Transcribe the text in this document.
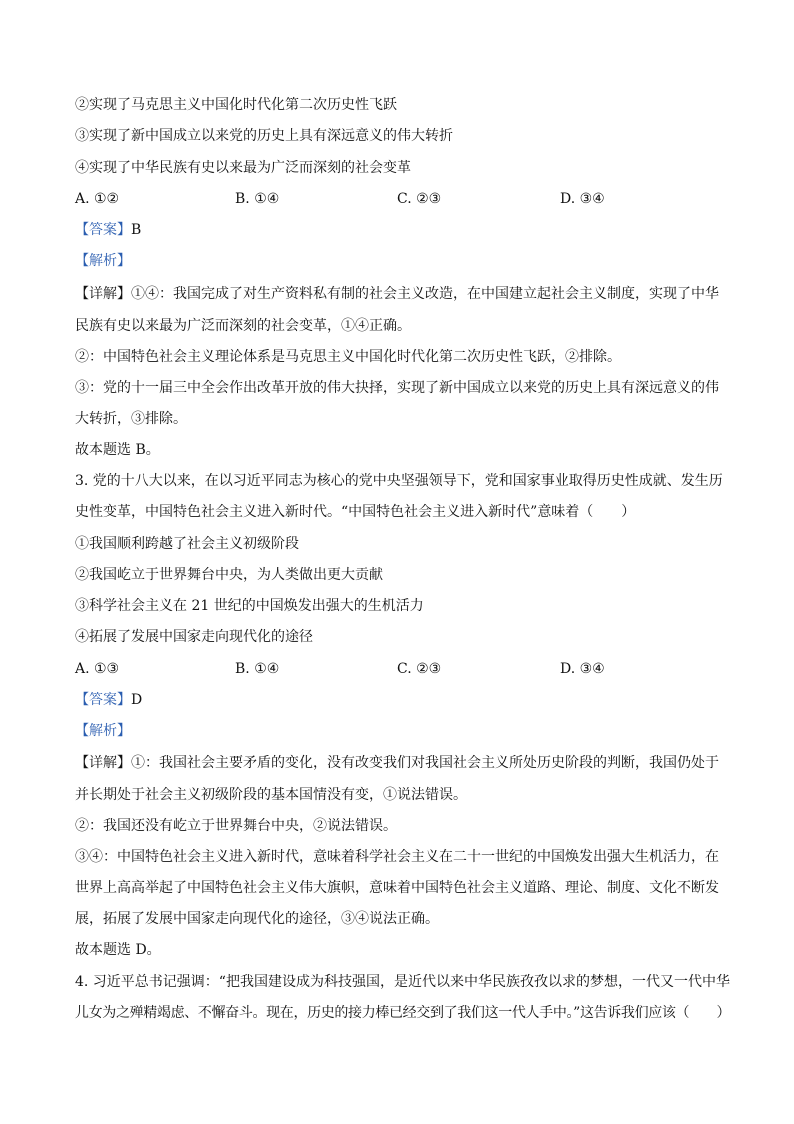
②实现了马克思主义中国化时代化第二次历史性飞跃
③实现了新中国成立以来党的历史上具有深远意义的伟大转折
④实现了中华民族有史以来最为广泛而深刻的社会变革
A. ①②	B. ①④	C. ②③	D. ③④
【答案】B
【解析】
【详解】①④：我国完成了对生产资料私有制的社会主义改造，在中国建立起社会主义制度，实现了中华
民族有史以来最为广泛而深刻的社会变革，①④正确。
②：中国特色社会主义理论体系是马克思主义中国化时代化第二次历史性飞跃，②排除。
③：党的十一届三中全会作出改革开放的伟大抉择，实现了新中国成立以来党的历史上具有深远意义的伟
大转折，③排除。
故本题选 B。
3. 党的十八大以来，在以习近平同志为核心的党中央坚强领导下，党和国家事业取得历史性成就、发生历
史性变革，中国特色社会主义进入新时代。“中国特色社会主义进入新时代”意味着（　　）
①我国顺利跨越了社会主义初级阶段
②我国屹立于世界舞台中央，为人类做出更大贡献
③科学社会主义在 21 世纪的中国焕发出强大的生机活力
④拓展了发展中国家走向现代化的途径
A. ①③	B. ①④	C. ②③	D. ③④
【答案】D
【解析】
【详解】①：我国社会主要矛盾的变化，没有改变我们对我国社会主义所处历史阶段的判断，我国仍处于
并长期处于社会主义初级阶段的基本国情没有变，①说法错误。
②：我国还没有屹立于世界舞台中央，②说法错误。
③④：中国特色社会主义进入新时代，意味着科学社会主义在二十一世纪的中国焕发出强大生机活力，在
世界上高高举起了中国特色社会主义伟大旗帜，意味着中国特色社会主义道路、理论、制度、文化不断发
展，拓展了发展中国家走向现代化的途径，③④说法正确。
故本题选 D。
4. 习近平总书记强调：“把我国建设成为科技强国，是近代以来中华民族孜孜以求的梦想，一代又一代中华
儿女为之殚精竭虑、不懈奋斗。现在，历史的接力棒已经交到了我们这一代人手中。”这告诉我们应该（　　）
